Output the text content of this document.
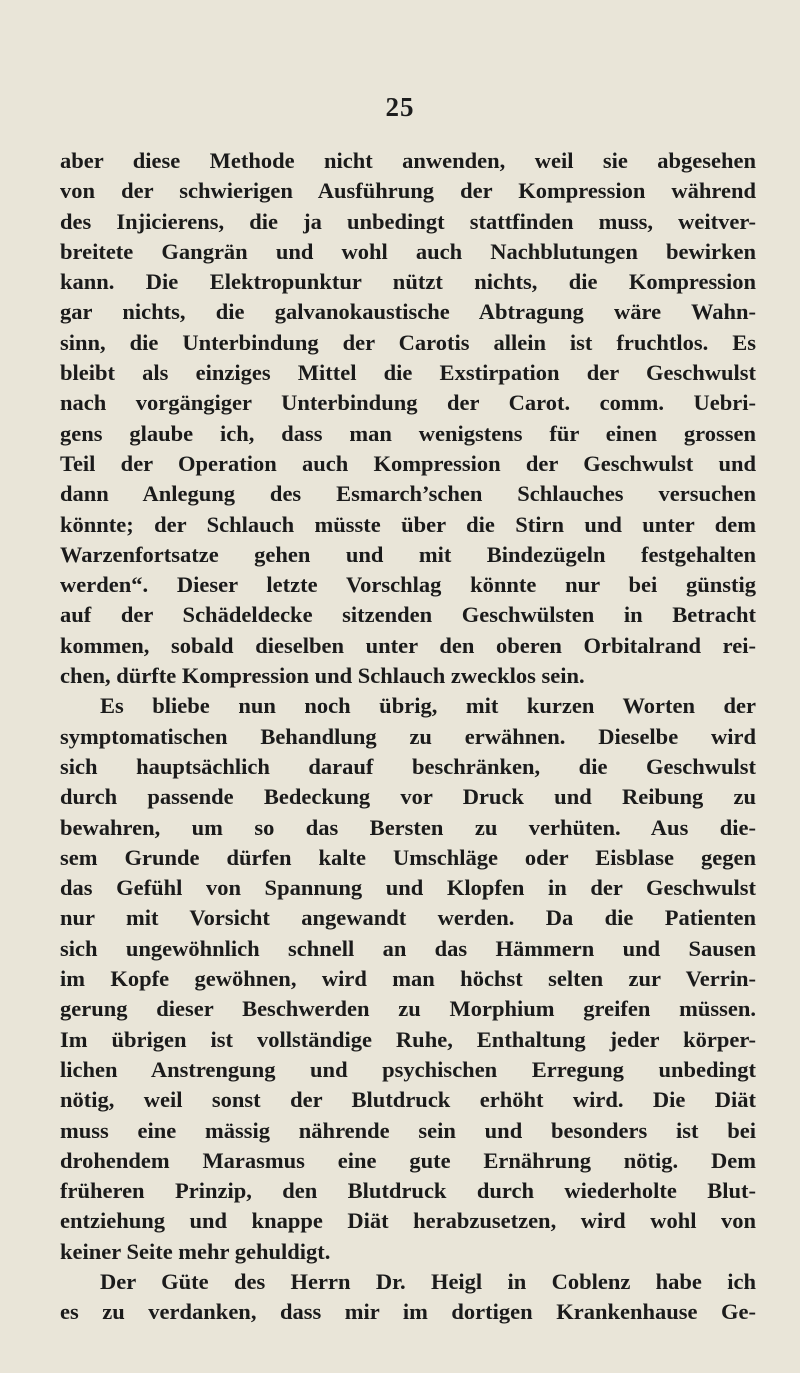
25
aber diese Methode nicht anwenden, weil sie abgesehen
von der schwierigen Ausführung der Kompression während
des Injicierens, die ja unbedingt stattfinden muss, weitver-
breitete Gangrän und wohl auch Nachblutungen bewirken
kann. Die Elektropunktur nützt nichts, die Kompression
gar nichts, die galvanokaustische Abtragung wäre Wahn-
sinn, die Unterbindung der Carotis allein ist fruchtlos. Es
bleibt als einziges Mittel die Exstirpation der Geschwulst
nach vorgängiger Unterbindung der Carot. comm. Uebri-
gens glaube ich, dass man wenigstens für einen grossen
Teil der Operation auch Kompression der Geschwulst und
dann Anlegung des Esmarch’schen Schlauches versuchen
könnte; der Schlauch müsste über die Stirn und unter dem
Warzenfortsatze gehen und mit Bindezügeln festgehalten
werden“. Dieser letzte Vorschlag könnte nur bei günstig
auf der Schädeldecke sitzenden Geschwülsten in Betracht
kommen, sobald dieselben unter den oberen Orbitalrand rei-
chen, dürfte Kompression und Schlauch zwecklos sein.
Es bliebe nun noch übrig, mit kurzen Worten der
symptomatischen Behandlung zu erwähnen. Dieselbe wird
sich hauptsächlich darauf beschränken, die Geschwulst
durch passende Bedeckung vor Druck und Reibung zu
bewahren, um so das Bersten zu verhüten. Aus die-
sem Grunde dürfen kalte Umschläge oder Eisblase gegen
das Gefühl von Spannung und Klopfen in der Geschwulst
nur mit Vorsicht angewandt werden. Da die Patienten
sich ungewöhnlich schnell an das Hämmern und Sausen
im Kopfe gewöhnen, wird man höchst selten zur Verrin-
gerung dieser Beschwerden zu Morphium greifen müssen.
Im übrigen ist vollständige Ruhe, Enthaltung jeder körper-
lichen Anstrengung und psychischen Erregung unbedingt
nötig, weil sonst der Blutdruck erhöht wird. Die Diät
muss eine mässig nährende sein und besonders ist bei
drohendem Marasmus eine gute Ernährung nötig. Dem
früheren Prinzip, den Blutdruck durch wiederholte Blut-
entziehung und knappe Diät herabzusetzen, wird wohl von
keiner Seite mehr gehuldigt.
Der Güte des Herrn Dr. Heigl in Coblenz habe ich
es zu verdanken, dass mir im dortigen Krankenhause Ge-
